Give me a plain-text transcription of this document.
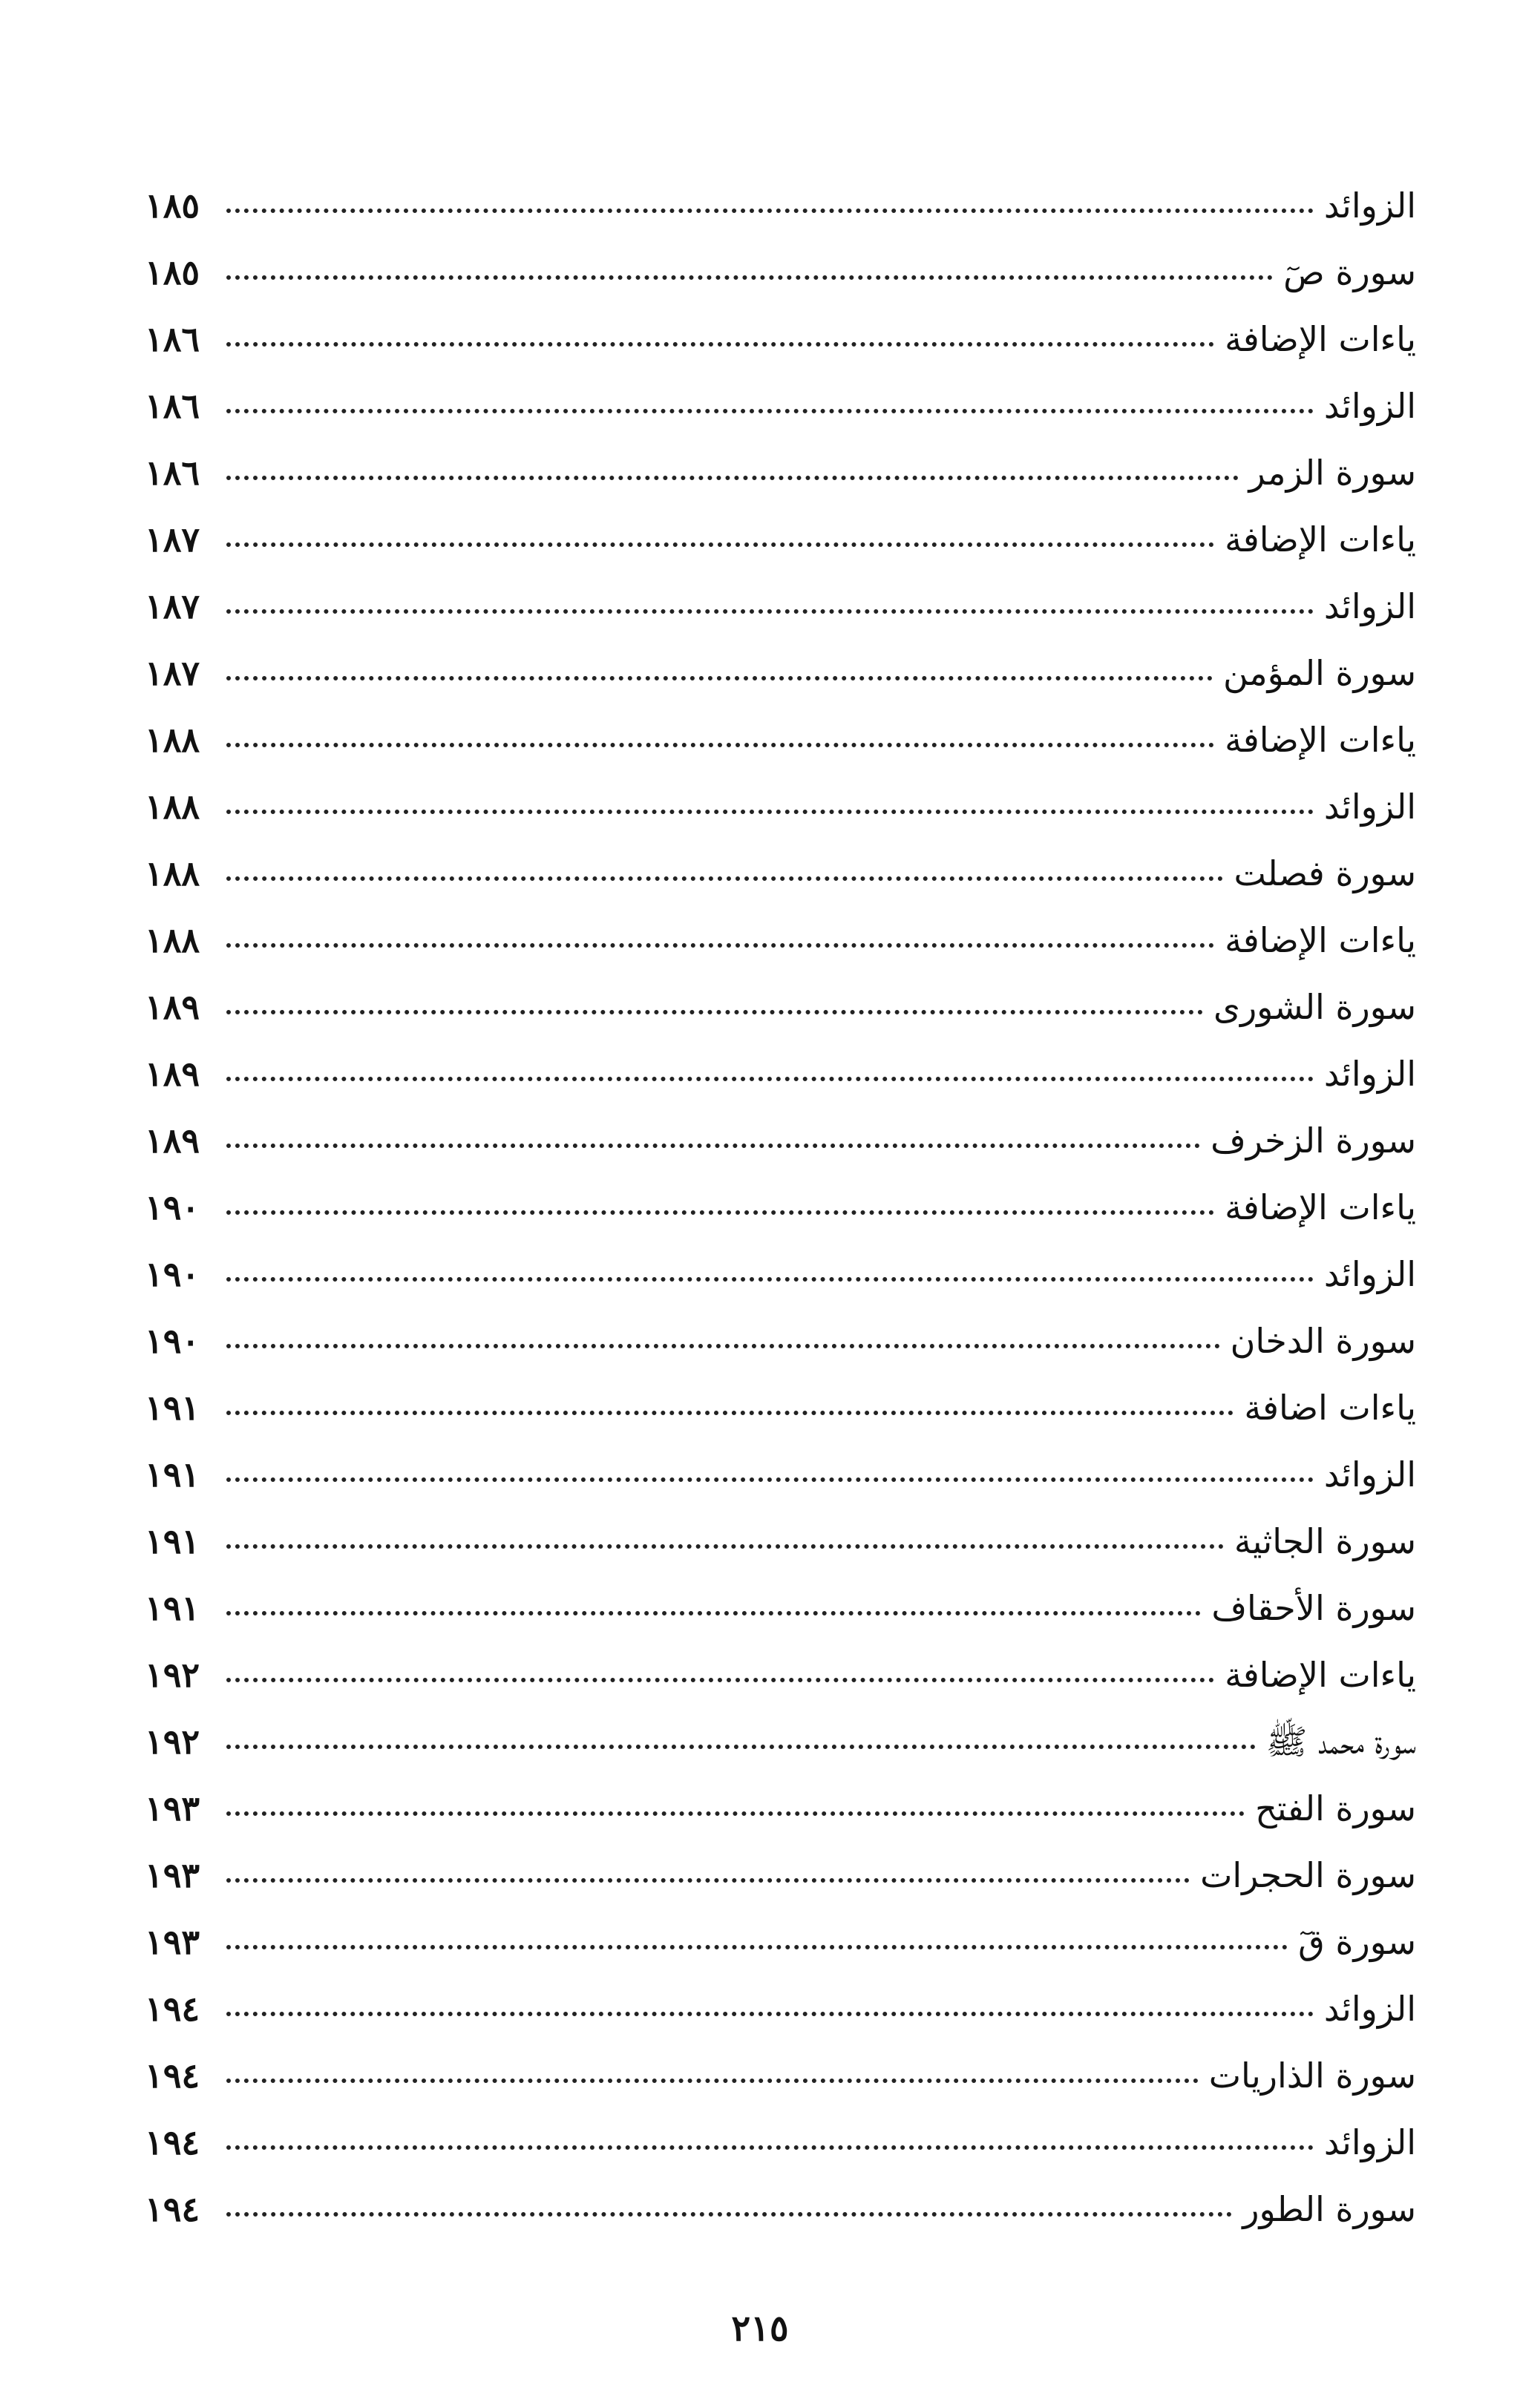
الزوائد
١٨٥
سورة صٓ
١٨٥
ياءات الإضافة
١٨٦
الزوائد
١٨٦
سورة الزمر
١٨٦
ياءات الإضافة
١٨٧
الزوائد
١٨٧
سورة المؤمن
١٨٧
ياءات الإضافة
١٨٨
الزوائد
١٨٨
سورة فصلت
١٨٨
ياءات الإضافة
١٨٨
سورة الشورى
١٨٩
الزوائد
١٨٩
سورة الزخرف
١٨٩
ياءات الإضافة
١٩٠
الزوائد
١٩٠
سورة الدخان
١٩٠
ياءات اضافة
١٩١
الزوائد
١٩١
سورة الجاثية
١٩١
سورة الأحقاف
١٩١
ياءات الإضافة
١٩٢
سورة محمد ﷺ
١٩٢
سورة الفتح
١٩٣
سورة الحجرات
١٩٣
سورة قٓ
١٩٣
الزوائد
١٩٤
سورة الذاريات
١٩٤
الزوائد
١٩٤
سورة الطور
١٩٤
٢١٥
